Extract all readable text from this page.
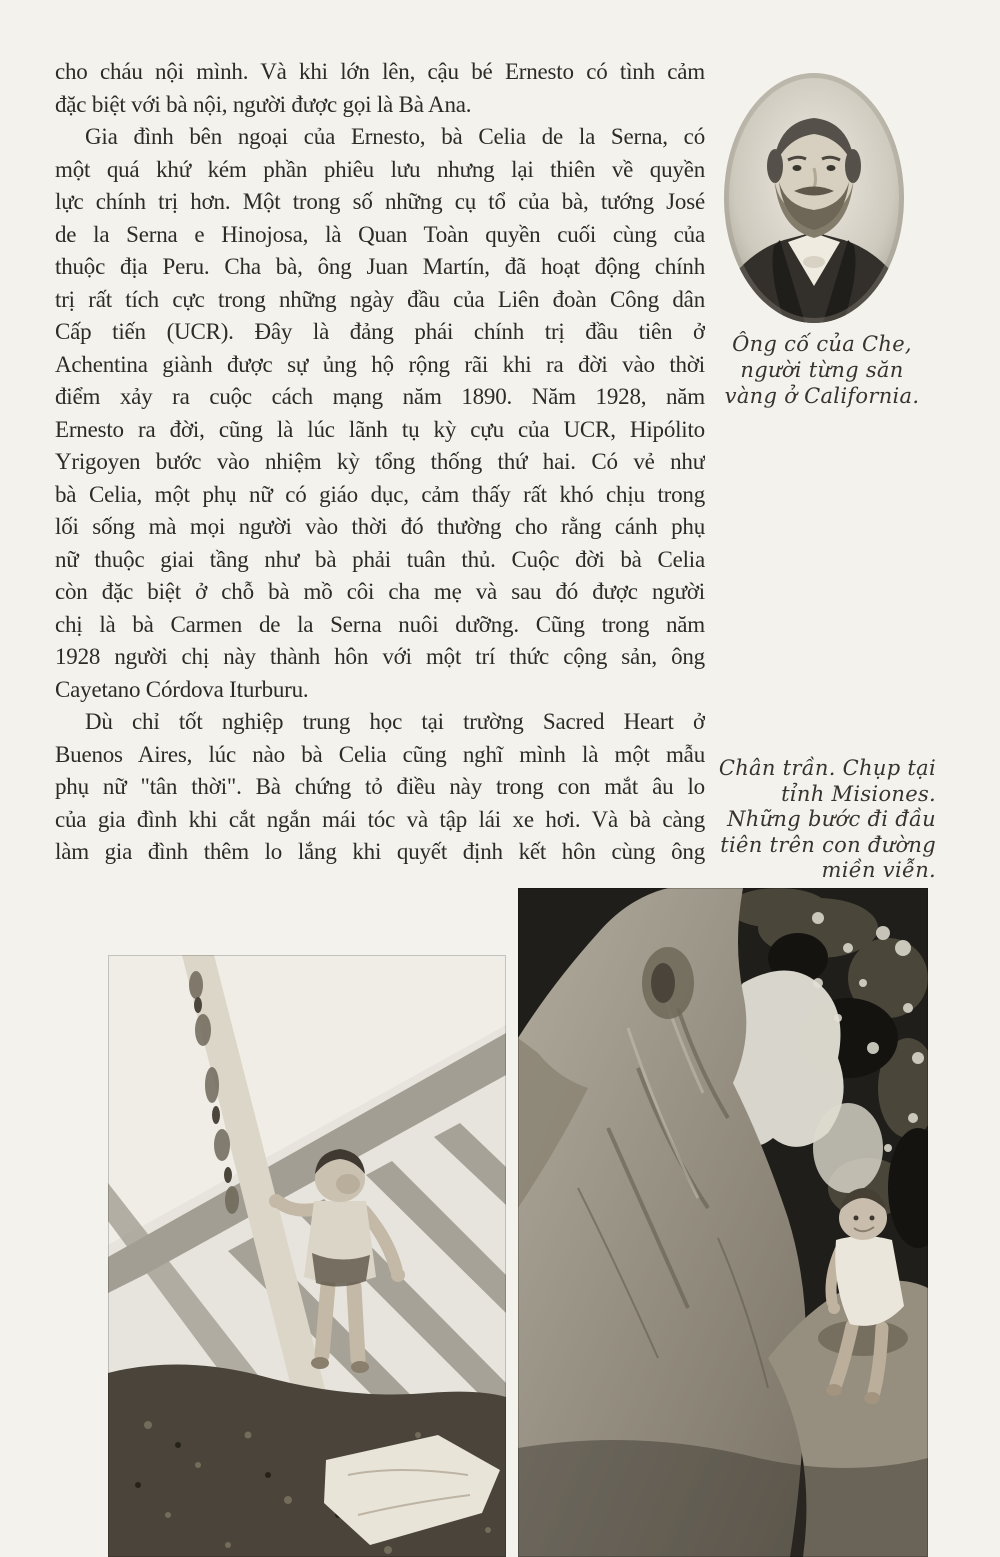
cho cháu nội mình. Và khi lớn lên, cậu bé Ernesto có tình cảm
đặc biệt với bà nội, người được gọi là Bà Ana.
Gia đình bên ngoại của Ernesto, bà Celia de la Serna, có
một quá khứ kém phần phiêu lưu nhưng lại thiên về quyền
lực chính trị hơn. Một trong số những cụ tổ của bà, tướng José
de la Serna e Hinojosa, là Quan Toàn quyền cuối cùng của
thuộc địa Peru. Cha bà, ông Juan Martín, đã hoạt động chính
trị rất tích cực trong những ngày đầu của Liên đoàn Công dân
Cấp tiến (UCR). Đây là đảng phái chính trị đầu tiên ở
Achentina giành được sự ủng hộ rộng rãi khi ra đời vào thời
điểm xảy ra cuộc cách mạng năm 1890. Năm 1928, năm
Ernesto ra đời, cũng là lúc lãnh tụ kỳ cựu của UCR, Hipólito
Yrigoyen bước vào nhiệm kỳ tổng thống thứ hai. Có vẻ như
bà Celia, một phụ nữ có giáo dục, cảm thấy rất khó chịu trong
lối sống mà mọi người vào thời đó thường cho rằng cánh phụ
nữ thuộc giai tầng như bà phải tuân thủ. Cuộc đời bà Celia
còn đặc biệt ở chỗ bà mồ côi cha mẹ và sau đó được người
chị là bà Carmen de la Serna nuôi dưỡng. Cũng trong năm
1928 người chị này thành hôn với một trí thức cộng sản, ông
Cayetano Córdova Iturburu.
Dù chỉ tốt nghiệp trung học tại trường Sacred Heart ở
Buenos Aires, lúc nào bà Celia cũng nghĩ mình là một mẫu
phụ nữ "tân thời". Bà chứng tỏ điều này trong con mắt âu lo
của gia đình khi cắt ngắn mái tóc và tập lái xe hơi. Và bà càng
làm gia đình thêm lo lắng khi quyết định kết hôn cùng ông
Ông cố của Che,
người từng săn
vàng ở California.
Chân trần. Chụp tại
tỉnh Misiones.
Những bước đi đầu
tiên trên con đường
miền viễn.
